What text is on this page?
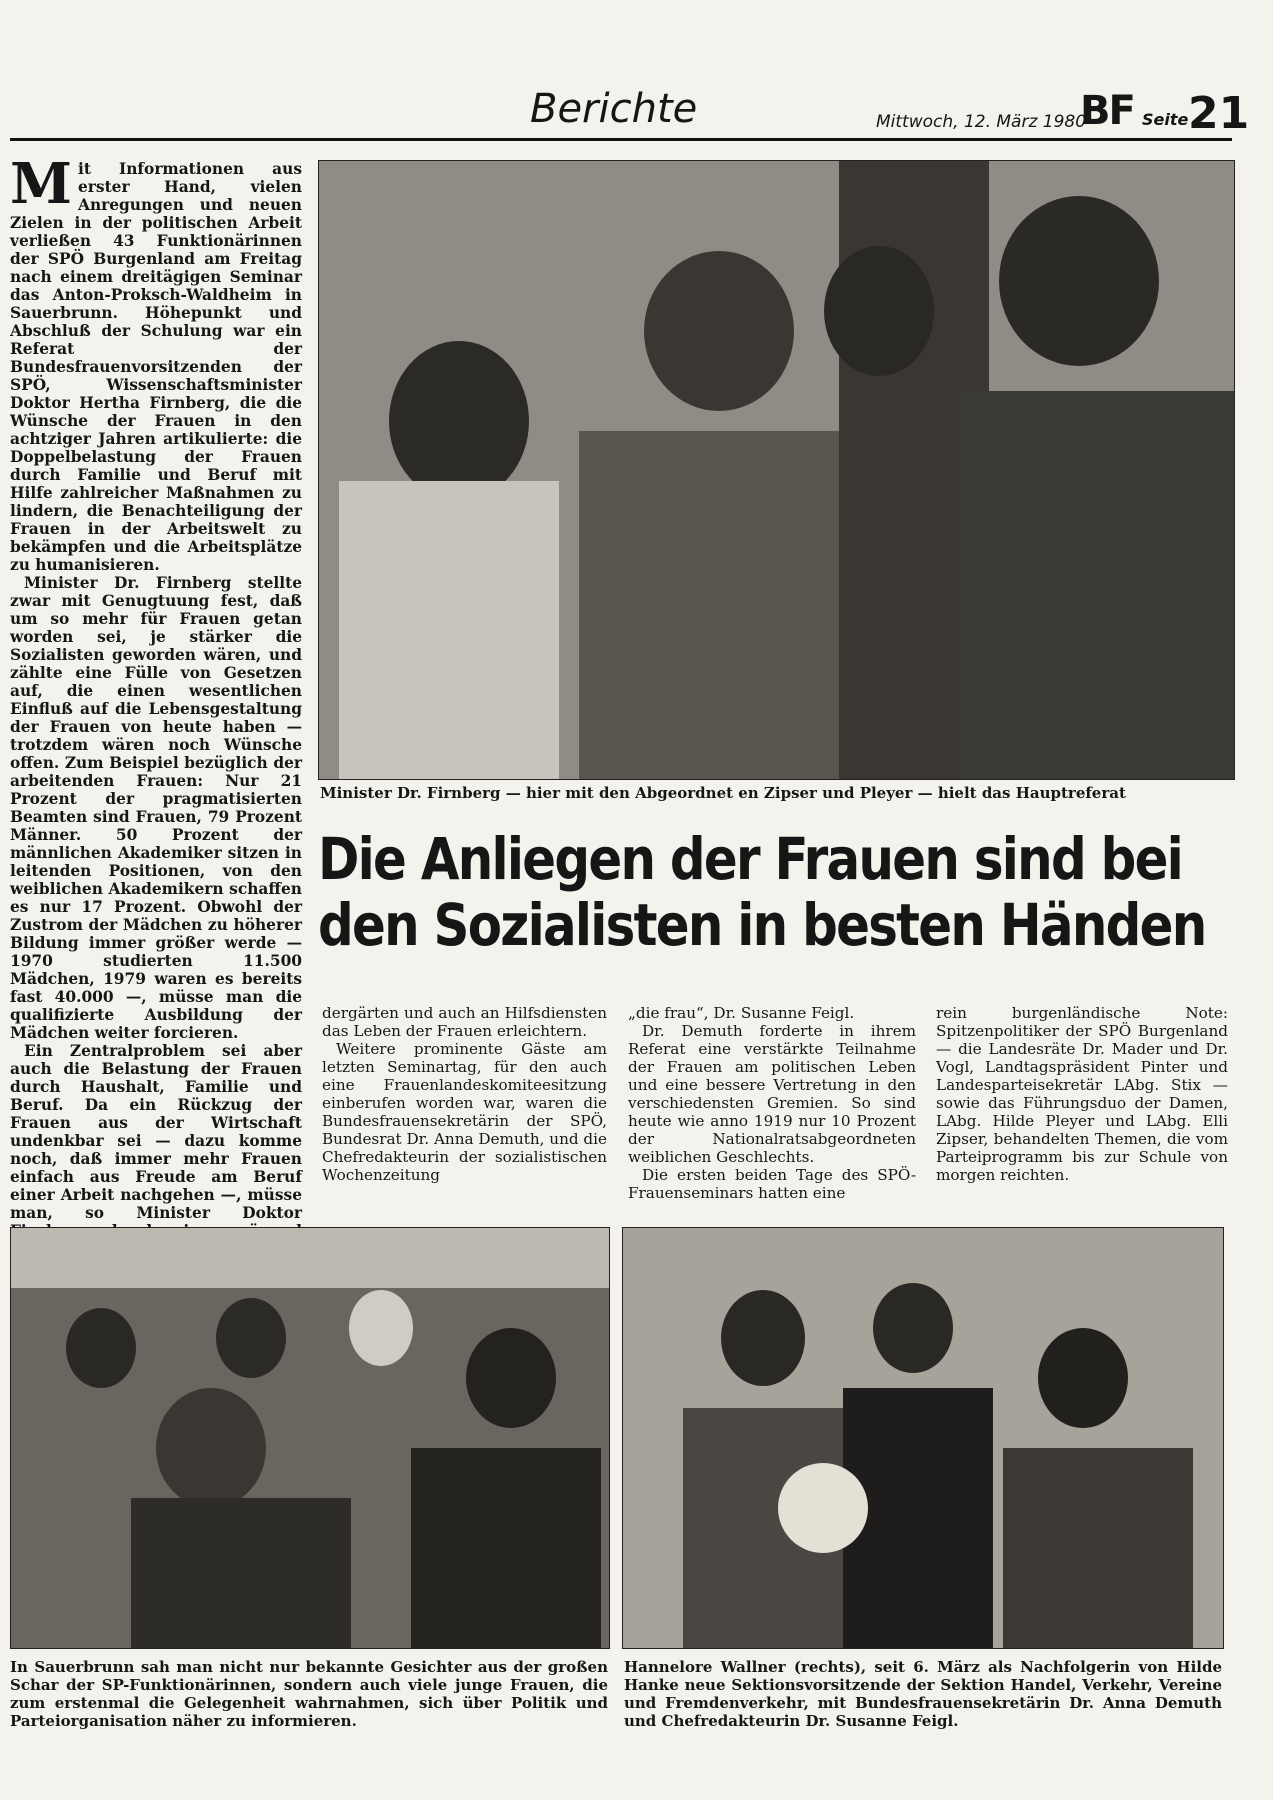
Berichte	Mittwoch, 12. März 1980
BF Seite 21
M it Informationen aus erster Hand, vielen Anregungen und neuen Zielen in der politischen Arbeit verließen 43 Funktionärinnen der SPÖ Burgenland am Freitag nach einem dreitägigen Seminar das Anton-Proksch-Waldheim in Sauerbrunn. Höhepunkt und Abschluß der Schulung war ein Referat der Bundesfrauenvorsitzenden der SPÖ, Wissenschaftsminister Doktor Hertha Firnberg, die die Wünsche der Frauen in den achtziger Jahren artikulierte: die Doppelbelastung der Frauen durch Familie und Beruf mit Hilfe zahlreicher Maßnahmen zu lindern, die Benachteiligung der Frauen in der Arbeitswelt zu bekämpfen und die Arbeitsplätze zu humanisieren.

Minister Dr. Firnberg stellte zwar mit Genugtuung fest, daß um so mehr für Frauen getan worden sei, je stärker die Sozialisten geworden wären, und zählte eine Fülle von Gesetzen auf, die einen wesentlichen Einfluß auf die Lebensgestaltung der Frauen von heute haben — trotzdem wären noch Wünsche offen. Zum Beispiel bezüglich der arbeitenden Frauen: Nur 21 Prozent der pragmatisierten Beamten sind Frauen, 79 Prozent Männer. 50 Prozent der männlichen Akademiker sitzen in leitenden Positionen, von den weiblichen Akademikern schaffen es nur 17 Prozent. Obwohl der Zustrom der Mädchen zu höherer Bildung immer größer werde — 1970 studierten 11.500 Mädchen, 1979 waren es bereits fast 40.000 —, müsse man die qualifizierte Ausbildung der Mädchen weiter forcieren.

Ein Zentralproblem sei aber auch die Belastung der Frauen durch Haushalt, Familie und Beruf. Da ein Rückzug der Frauen aus der Wirtschaft undenkbar sei — dazu komme noch, daß immer mehr Frauen einfach aus Freude am Beruf einer Arbeit nachgehen —, müsse man, so Minister Doktor

Minister Dr. Firnberg — hier mit den Abgeordnet en Zipser und Pleyer — hielt das Hauptreferat
Die Anliegen der Frauen sind bei
den Sozialisten in besten Händen

dergärten und auch an Hilfsdiensten das Leben der Frauen erleichtern.

Weitere prominente Gäste am letzten Seminartag, für den auch eine Frauenlandeskomiteesitzung einberufen worden war, waren die Bundesfrauensekretärin der SPÖ, Bundesrat Dr. Anna Demuth, und die Chefredakteurin der sozialistischen Wochenzeitung

„die frau“, Dr. Susanne Feigl.

Dr. Demuth forderte in ihrem Referat eine verstärkte Teilnahme der Frauen am politischen Leben und eine bessere Vertretung in den verschiedensten Gremien. So sind heute wie anno 1919 nur 10 Prozent der Nationalratsabgeordneten weiblichen Geschlechts.

Die ersten beiden Tage des SPÖ-Frauenseminars hatten eine

rein burgenländische Note: Spitzenpolitiker der SPÖ Burgenland — die Landesräte Dr. Mader und Dr. Vogl, Landtagspräsident Pinter und Landesparteisekretär LAbg. Stix — sowie das Führungsduo der Damen, LAbg. Hilde Pleyer und LAbg. Elli Zipser, behandelten Themen, die vom Parteiprogramm bis zur Schule von morgen reichten.

In Sauerbrunn sah man nicht nur bekannte Gesichter aus der großen Schar der SP-Funktionärinnen, sondern auch viele junge Frauen, die zum erstenmal die Gelegenheit wahrnahmen, sich über Politik und Parteiorganisation näher zu informieren.
Hannelore Wallner (rechts), seit 6. März als Nachfolgerin von Hilde Hanke neue Sektionsvorsitzende der Sektion Handel, Verkehr, Vereine und Fremdenverkehr, mit Bundesfrauensekretärin Dr. Anna Demuth und Chefredakteurin Dr. Susanne Feigl.
